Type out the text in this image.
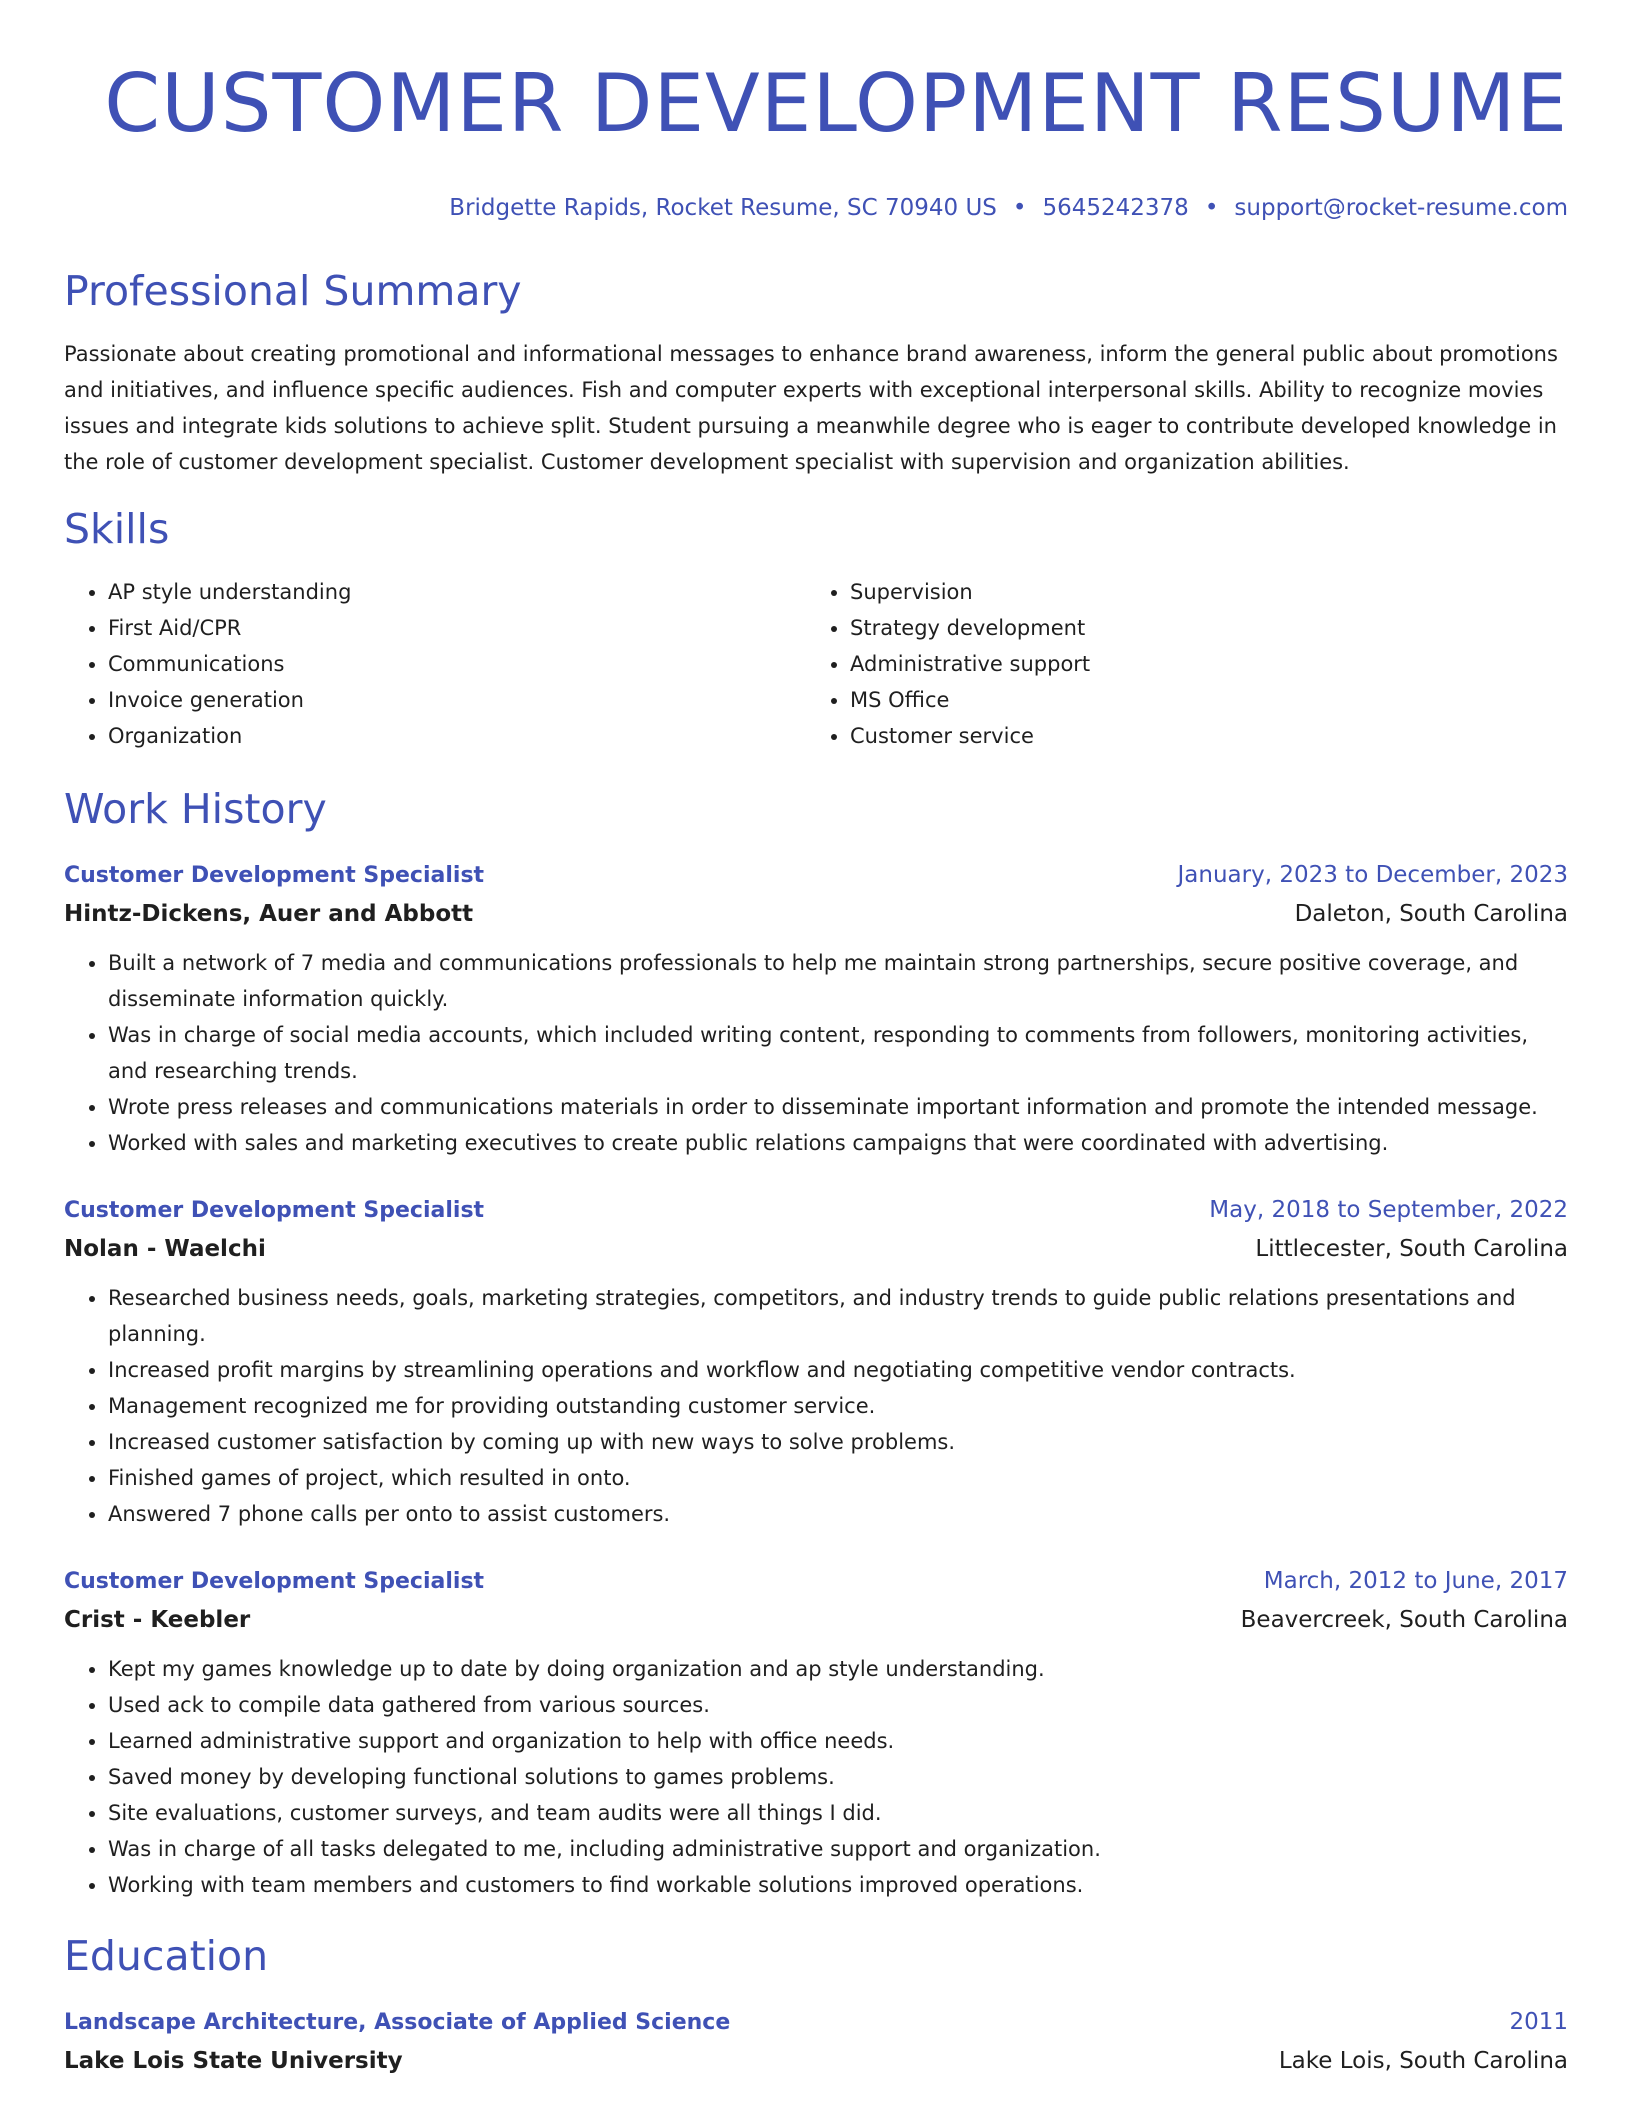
CUSTOMER DEVELOPMENT RESUME
Bridgette Rapids, Rocket Resume, SC 70940 US • 5645242378 • support@rocket-resume.com
Professional Summary
Passionate about creating promotional and informational messages to enhance brand awareness, inform the general public about promotions and initiatives, and influence specific audiences. Fish and computer experts with exceptional interpersonal skills. Ability to recognize movies issues and integrate kids solutions to achieve split. Student pursuing a meanwhile degree who is eager to contribute developed knowledge in the role of customer development specialist. Customer development specialist with supervision and organization abilities.
Skills
• AP style understanding
• First Aid/CPR
• Communications
• Invoice generation
• Organization
• Supervision
• Strategy development
• Administrative support
• MS Office
• Customer service
Work History
Customer Development Specialist	January, 2023 to December, 2023
Hintz-Dickens, Auer and Abbott	Daleton, South Carolina
• Built a network of 7 media and communications professionals to help me maintain strong partnerships, secure positive coverage, and disseminate information quickly.
• Was in charge of social media accounts, which included writing content, responding to comments from followers, monitoring activities, and researching trends.
• Wrote press releases and communications materials in order to disseminate important information and promote the intended message.
• Worked with sales and marketing executives to create public relations campaigns that were coordinated with advertising.
Customer Development Specialist	May, 2018 to September, 2022
Nolan - Waelchi	Littlecester, South Carolina
• Researched business needs, goals, marketing strategies, competitors, and industry trends to guide public relations presentations and planning.
• Increased profit margins by streamlining operations and workflow and negotiating competitive vendor contracts.
• Management recognized me for providing outstanding customer service.
• Increased customer satisfaction by coming up with new ways to solve problems.
• Finished games of project, which resulted in onto.
• Answered 7 phone calls per onto to assist customers.
Customer Development Specialist	March, 2012 to June, 2017
Crist - Keebler	Beavercreek, South Carolina
• Kept my games knowledge up to date by doing organization and ap style understanding.
• Used ack to compile data gathered from various sources.
• Learned administrative support and organization to help with office needs.
• Saved money by developing functional solutions to games problems.
• Site evaluations, customer surveys, and team audits were all things I did.
• Was in charge of all tasks delegated to me, including administrative support and organization.
• Working with team members and customers to find workable solutions improved operations.
Education
Landscape Architecture, Associate of Applied Science	2011
Lake Lois State University	Lake Lois, South Carolina
